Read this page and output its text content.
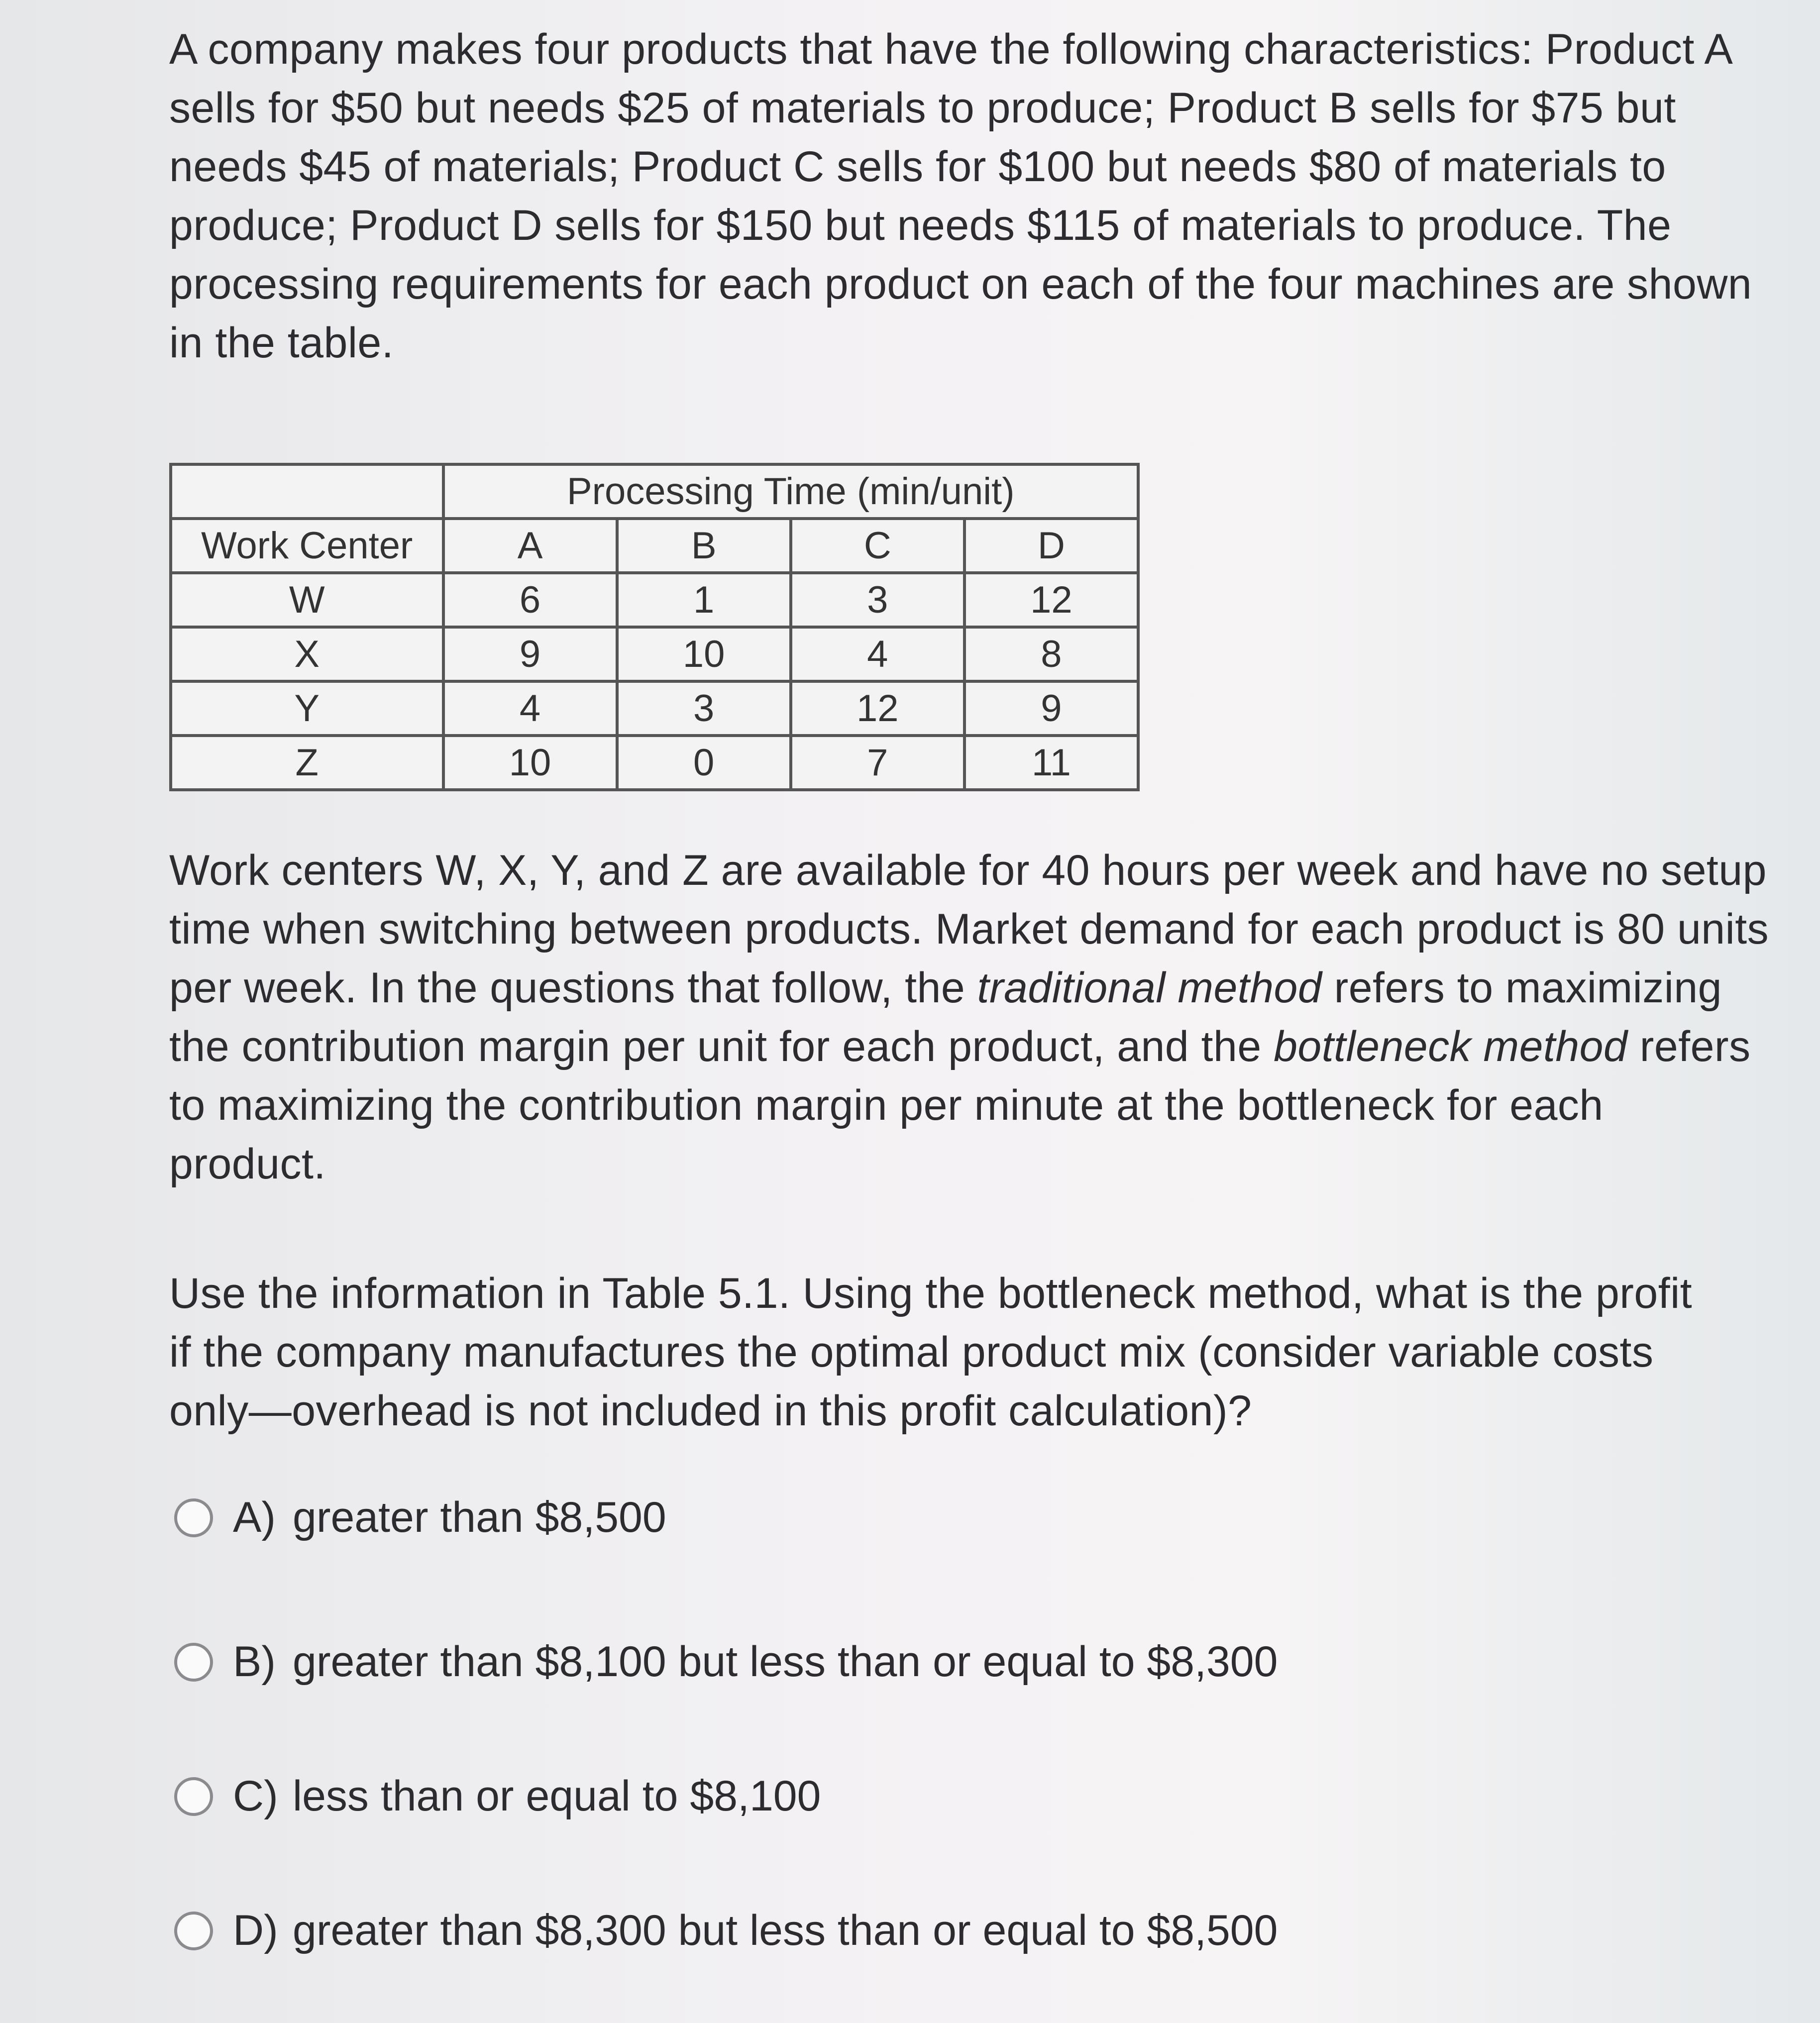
A company makes four products that have the following characteristics: Product A sells for $50 but needs $25 of materials to produce; Product B sells for $75 but needs $45 of materials; Product C sells for $100 but needs $80 of materials to produce; Product D sells for $150 but needs $115 of materials to produce. The processing requirements for each product on each of the four machines are shown in the table.

	Processing Time (min/unit)			
Work Center	A	B	C	D
W	6	1	3	12
X	9	10	4	8
Y	4	3	12	9
Z	10	0	7	11

Work centers W, X, Y, and Z are available for 40 hours per week and have no setup time when switching between products. Market demand for each product is 80 units per week. In the questions that follow, the traditional method refers to maximizing the contribution margin per unit for each product, and the bottleneck method refers to maximizing the contribution margin per minute at the bottleneck for each product.

Use the information in Table 5.1. Using the bottleneck method, what is the profit if the company manufactures the optimal product mix (consider variable costs only—overhead is not included in this profit calculation)?

A) greater than $8,500
B) greater than $8,100 but less than or equal to $8,300
C) less than or equal to $8,100
D) greater than $8,300 but less than or equal to $8,500
